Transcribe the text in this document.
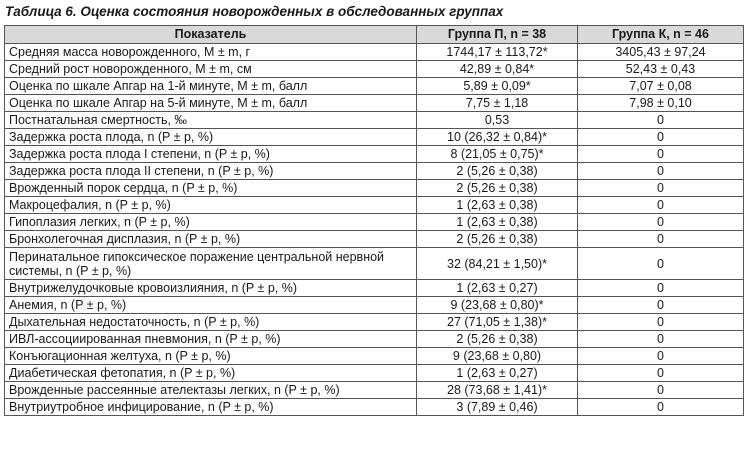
Таблица 6. Оценка состояния новорожденных в обследованных группах
Показатель	Группа П, n = 38	Группа К, n = 46
Средняя масса новорожденного, M ± m, г	1744,17 ± 113,72*	3405,43 ± 97,24
Средний рост новорожденного, M ± m, см	42,89 ± 0,84*	52,43 ± 0,43
Оценка по шкале Апгар на 1-й минуте, M ± m, балл	5,89 ± 0,09*	7,07 ± 0,08
Оценка по шкале Апгар на 5-й минуте, M ± m, балл	7,75 ± 1,18	7,98 ± 0,10
Постнатальная смертность, ‰	0,53	0
Задержка роста плода, n (P ± p, %)	10 (26,32 ± 0,84)*	0
Задержка роста плода I степени, n (P ± p, %)	8 (21,05 ± 0,75)*	0
Задержка роста плода II степени, n (P ± p, %)	2 (5,26 ± 0,38)	0
Врожденный порок сердца, n (P ± p, %)	2 (5,26 ± 0,38)	0
Макроцефалия, n (P ± p, %)	1 (2,63 ± 0,38)	0
Гипоплазия легких, n (P ± p, %)	1 (2,63 ± 0,38)	0
Бронхолегочная дисплазия, n (P ± p, %)	2 (5,26 ± 0,38)	0
Перинатальное гипоксическое поражение центральной нервной системы, n (P ± p, %)	32 (84,21 ± 1,50)*	0
Внутрижелудочковые кровоизлияния, n (P ± p, %)	1 (2,63 ± 0,27)	0
Анемия, n (P ± p, %)	9 (23,68 ± 0,80)*	0
Дыхательная недостаточность, n (P ± p, %)	27 (71,05 ± 1,38)*	0
ИВЛ-ассоциированная пневмония, n (P ± p, %)	2 (5,26 ± 0,38)	0
Конъюгационная желтуха, n (P ± p, %)	9 (23,68 ± 0,80)	0
Диабетическая фетопатия, n (P ± p, %)	1 (2,63 ± 0,27)	0
Врожденные рассеянные ателектазы легких, n (P ± p, %)	28 (73,68 ± 1,41)*	0
Внутриутробное инфицирование, n (P ± p, %)	3 (7,89 ± 0,46)	0
